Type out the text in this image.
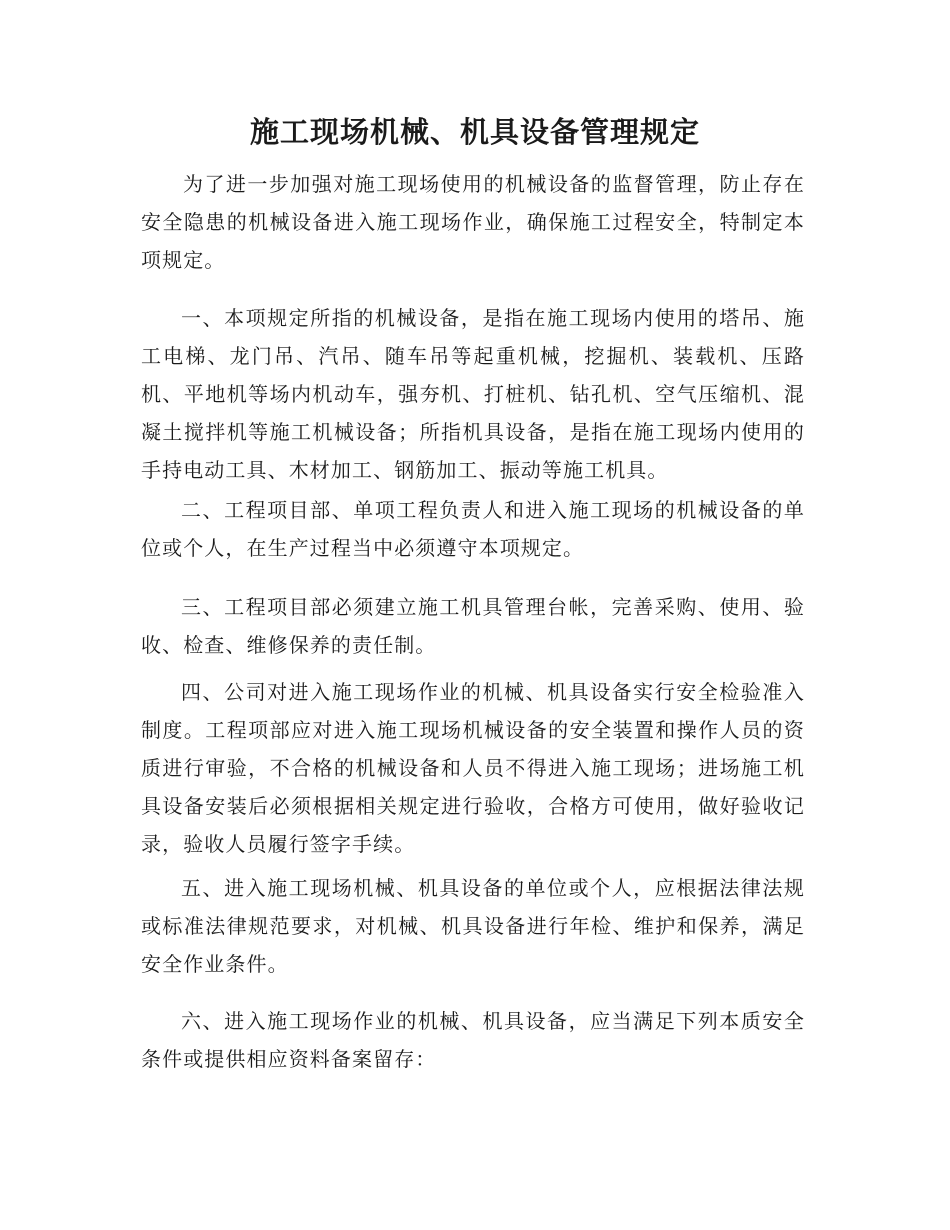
施工现场机械、机具设备管理规定

为了进一步加强对施工现场使用的机械设备的监督管理，防止存在安全隐患的机械设备进入施工现场作业，确保施工过程安全，特制定本项规定。

一、本项规定所指的机械设备，是指在施工现场内使用的塔吊、施工电梯、龙门吊、汽吊、随车吊等起重机械，挖掘机、装载机、压路机、平地机等场内机动车，强夯机、打桩机、钻孔机、空气压缩机、混凝土搅拌机等施工机械设备；所指机具设备，是指在施工现场内使用的手持电动工具、木材加工、钢筋加工、振动等施工机具。

二、工程项目部、单项工程负责人和进入施工现场的机械设备的单位或个人，在生产过程当中必须遵守本项规定。

三、工程项目部必须建立施工机具管理台帐，完善采购、使用、验收、检查、维修保养的责任制。

四、公司对进入施工现场作业的机械、机具设备实行安全检验准入制度。工程项部应对进入施工现场机械设备的安全装置和操作人员的资质进行审验，不合格的机械设备和人员不得进入施工现场；进场施工机具设备安装后必须根据相关规定进行验收，合格方可使用，做好验收记录，验收人员履行签字手续。

五、进入施工现场机械、机具设备的单位或个人，应根据法律法规或标准法律规范要求，对机械、机具设备进行年检、维护和保养，满足安全作业条件。

六、进入施工现场作业的机械、机具设备，应当满足下列本质安全条件或提供相应资料备案留存：
